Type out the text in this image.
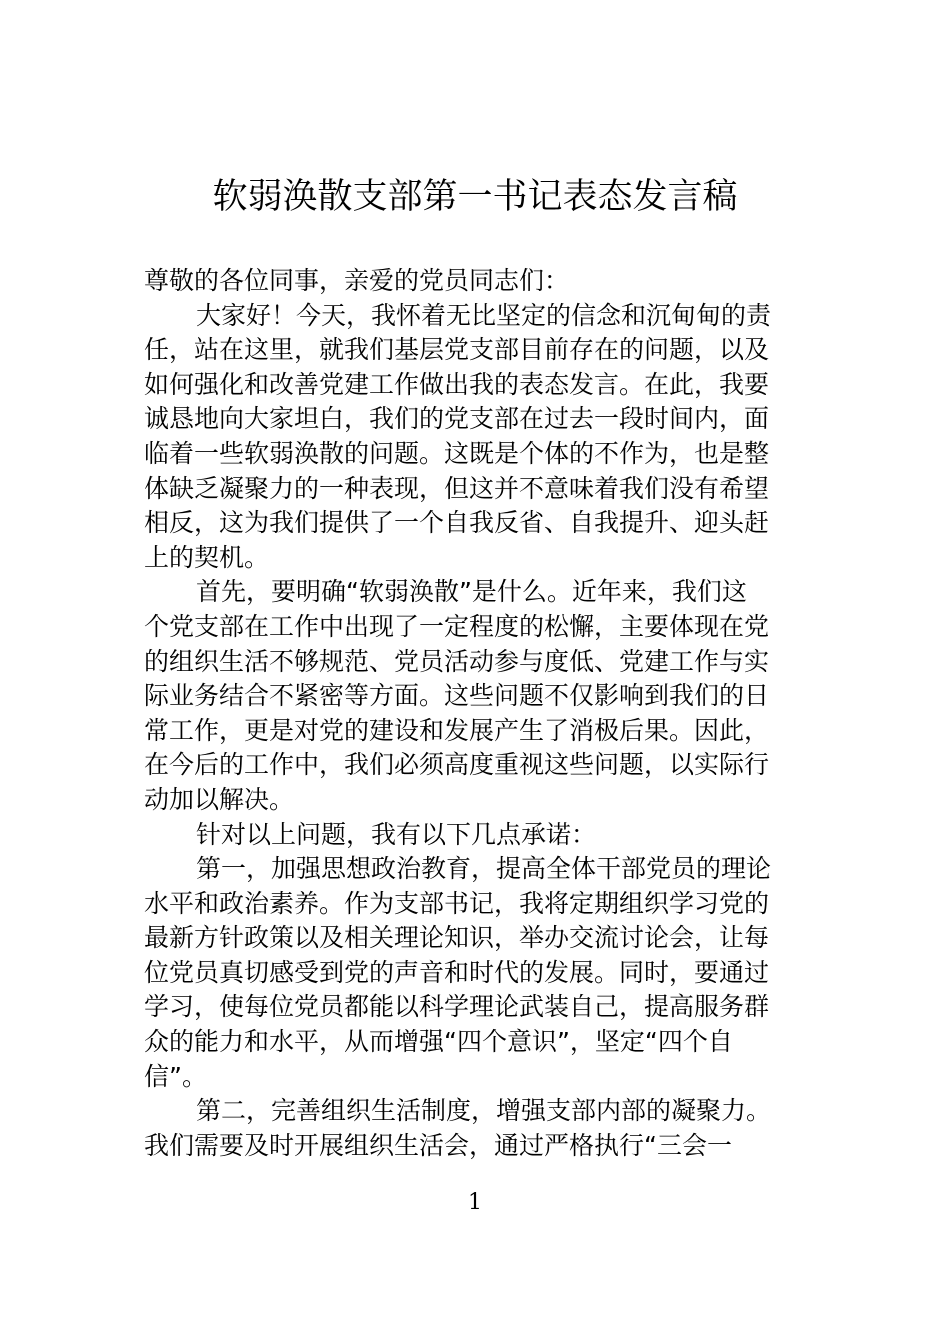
软弱涣散支部第一书记表态发言稿
尊敬的各位同事，亲爱的党员同志们：
大家好！今天，我怀着无比坚定的信念和沉甸甸的责
任，站在这里，就我们基层党支部目前存在的问题，以及
如何强化和改善党建工作做出我的表态发言。在此，我要
诚恳地向大家坦白，我们的党支部在过去一段时间内，面
临着一些软弱涣散的问题。这既是个体的不作为，也是整
体缺乏凝聚力的一种表现，但这并不意味着我们没有希望
相反，这为我们提供了一个自我反省、自我提升、迎头赶
上的契机。
首先，要明确“软弱涣散”是什么。近年来，我们这
个党支部在工作中出现了一定程度的松懈，主要体现在党
的组织生活不够规范、党员活动参与度低、党建工作与实
际业务结合不紧密等方面。这些问题不仅影响到我们的日
常工作，更是对党的建设和发展产生了消极后果。因此，
在今后的工作中，我们必须高度重视这些问题，以实际行
动加以解决。
针对以上问题，我有以下几点承诺：
第一，加强思想政治教育，提高全体干部党员的理论
水平和政治素养。作为支部书记，我将定期组织学习党的
最新方针政策以及相关理论知识，举办交流讨论会，让每
位党员真切感受到党的声音和时代的发展。同时，要通过
学习，使每位党员都能以科学理论武装自己，提高服务群
众的能力和水平，从而增强“四个意识”，坚定“四个自
信”。
第二，完善组织生活制度，增强支部内部的凝聚力。
我们需要及时开展组织生活会，通过严格执行“三会一
1
